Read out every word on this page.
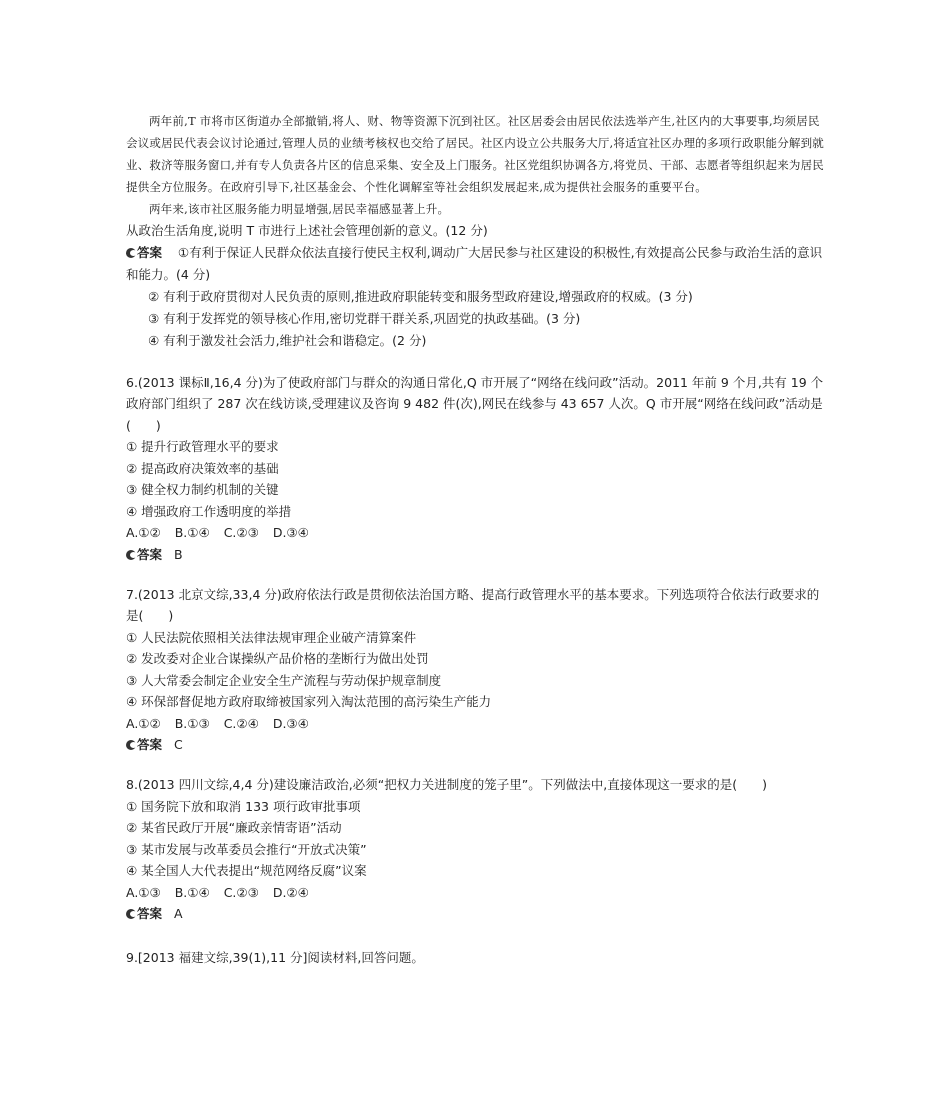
两年前,T 市将市区街道办全部撤销,将人、财、物等资源下沉到社区。社区居委会由居民依法选举产生,社区内的大事要事,均须居民会议或居民代表会议讨论通过,管理人员的业绩考核权也交给了居民。社区内设立公共服务大厅,将适宜社区办理的多项行政职能分解到就业、救济等服务窗口,并有专人负责各片区的信息采集、安全及上门服务。社区党组织协调各方,将党员、干部、志愿者等组织起来为居民提供全方位服务。在政府引导下,社区基金会、个性化调解室等社会组织发展起来,成为提供社会服务的重要平台。

两年来,该市社区服务能力明显增强,居民幸福感显著上升。

从政治生活角度,说明 T 市进行上述社会管理创新的意义。(12 分)
答案 ①有利于保证人民群众依法直接行使民主权利,调动广大居民参与社区建设的积极性,有效提高公民参与政治生活的意识和能力。(4 分)
② 有利于政府贯彻对人民负责的原则,推进政府职能转变和服务型政府建设,增强政府的权威。(3 分)
③ 有利于发挥党的领导核心作用,密切党群干群关系,巩固党的执政基础。(3 分)
④ 有利于激发社会活力,维护社会和谐稳定。(2 分)
6.(2013 课标Ⅱ,16,4 分)为了使政府部门与群众的沟通日常化,Q 市开展了“网络在线问政”活动。2011 年前 9 个月,共有 19 个政府部门组织了 287 次在线访谈,受理建议及咨询 9 482 件(次),网民在线参与 43 657 人次。Q 市开展“网络在线问政”活动是(　　)
① 提升行政管理水平的要求
② 提高政府决策效率的基础
③ 健全权力制约机制的关键
④ 增强政府工作透明度的举措
A.①② B.①④ C.②③ D.③④
答案 B
7.(2013 北京文综,33,4 分)政府依法行政是贯彻依法治国方略、提高行政管理水平的基本要求。下列选项符合依法行政要求的是(　　)
① 人民法院依照相关法律法规审理企业破产清算案件
② 发改委对企业合谋操纵产品价格的垄断行为做出处罚
③ 人大常委会制定企业安全生产流程与劳动保护规章制度
④ 环保部督促地方政府取缔被国家列入淘汰范围的高污染生产能力
A.①② B.①③ C.②④ D.③④
答案 C
8.(2013 四川文综,4,4 分)建设廉洁政治,必须“把权力关进制度的笼子里”。下列做法中,直接体现这一要求的是(　　)
① 国务院下放和取消 133 项行政审批事项
② 某省民政厅开展“廉政亲情寄语”活动
③ 某市发展与改革委员会推行“开放式决策”
④ 某全国人大代表提出“规范网络反腐”议案
A.①③ B.①④ C.②③ D.②④
答案 A
9.[2013 福建文综,39(1),11 分]阅读材料,回答问题。
